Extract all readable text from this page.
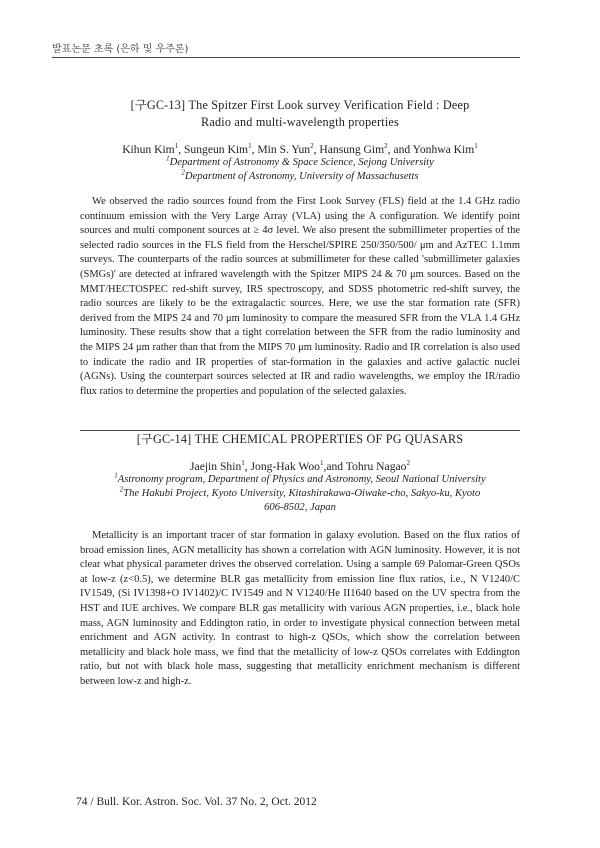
발표논문 초록 (은하 및 우주론)
[구GC-13] The Spitzer First Look survey Verification Field : Deep
Radio and multi-wavelength properties
Kihun Kim$^1$, Sungeun Kim$^1$, Min S. Yun$^2$, Hansung Gim$^2$, and Yonhwa Kim$^1$
$^1$Department of Astronomy & Space Science, Sejong University
$^2$Department of Astronomy, University of Massachusetts

We observed the radio sources found from the First Look Survey (FLS) field at the 1.4 GHz radio continuum emission with the Very Large Array (VLA) using the A configuration. We identify point sources and multi component sources at ≥ 4σ level. We also present the submillimeter properties of the selected radio sources in the FLS field from the Herschel/SPIRE 250/350/500/ μm and AzTEC 1.1mm surveys. The counterparts of the radio sources at submillimeter for these called 'submillimeter galaxies (SMGs)' are detected at infrared wavelength with the Spitzer MIPS 24 & 70 μm sources. Based on the MMT/HECTOSPEC red-shift survey, IRS spectroscopy, and SDSS photometric red-shift survey, the radio sources are likely to be the extragalactic sources. Here, we use the star formation rate (SFR) derived from the MIPS 24 and 70 μm luminosity to compare the measured SFR from the VLA 1.4 GHz luminosity. These results show that a tight correlation between the SFR from the radio luminosity and the MIPS 24 μm rather than that from the MIPS 70 μm luminosity. Radio and IR correlation is also used to indicate the radio and IR properties of star-formation in the galaxies and active galactic nuclei (AGNs). Using the counterpart sources selected at IR and radio wavelengths, we employ the IR/radio flux ratios to determine the properties and population of the selected galaxies.

[구GC-14] THE CHEMICAL PROPERTIES OF PG QUASARS
Jaejin Shin$^1$, Jong-Hak Woo$^1$,and Tohru Nagao$^2$
$^1$Astronomy program, Department of Physics and Astronomy, Seoul National University
$^2$The Hakubi Project, Kyoto University, Kitashirakawa-Oiwake-cho, Sakyo-ku, Kyoto
606-8502, Japan

Metallicity is an important tracer of star formation in galaxy evolution. Based on the flux ratios of broad emission lines, AGN metallicity has shown a correlation with AGN luminosity. However, it is not clear what physical parameter drives the observed correlation. Using a sample 69 Palomar-Green QSOs at low-z (z<0.5), we determine BLR gas metallicity from emission line flux ratios, i.e., N V1240/C IV1549, (Si IV1398+O IV1402)/C IV1549 and N V1240/He II1640 based on the UV spectra from the HST and IUE archives. We compare BLR gas metallicity with various AGN properties, i.e., black hole mass, AGN luminosity and Eddington ratio, in order to investigate physical connection between metal enrichment and AGN activity. In contrast to high-z QSOs, which show the correlation between metallicity and black hole mass, we find that the metallicity of low-z QSOs correlates with Eddington ratio, but not with black hole mass, suggesting that metallicity enrichment mechanism is different between low-z and high-z.

74 / Bull. Kor. Astron. Soc. Vol. 37 No. 2, Oct. 2012
